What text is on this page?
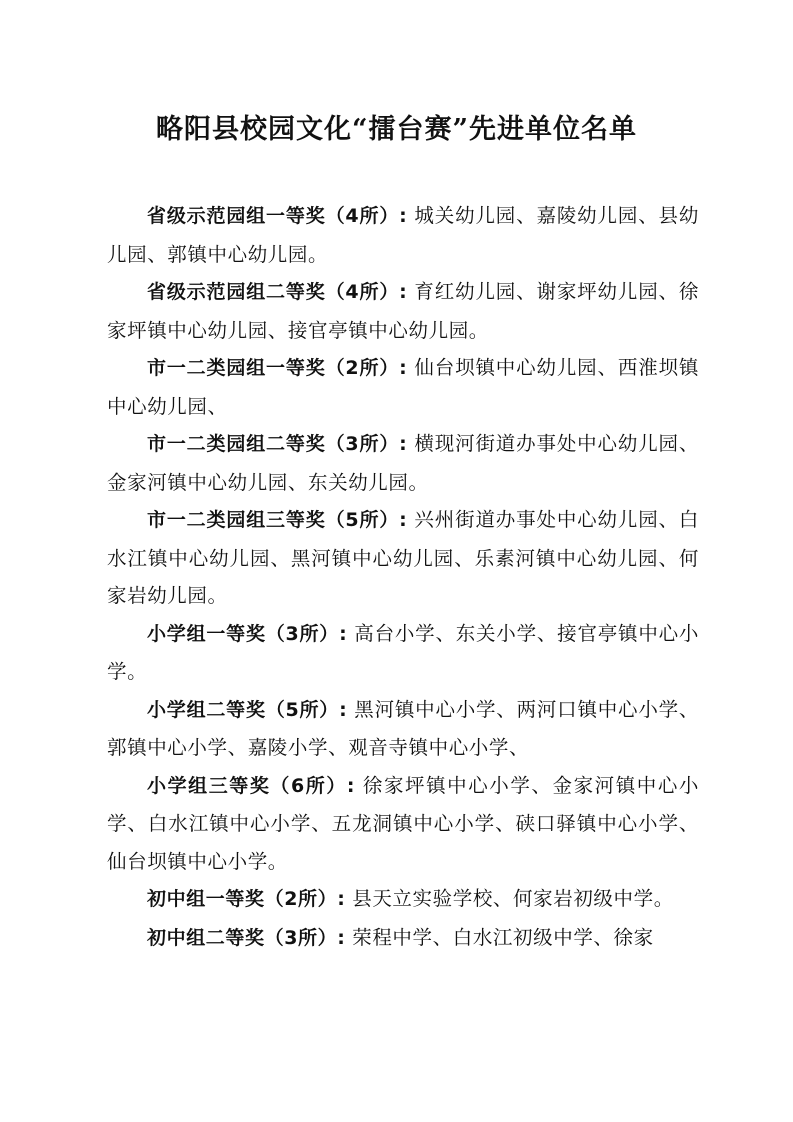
略阳县校园文化“擂台赛”先进单位名单

省级示范园组一等奖（4所）: 城关幼儿园、嘉陵幼儿园、县幼儿园、郭镇中心幼儿园。

省级示范园组二等奖（4所）: 育红幼儿园、谢家坪幼儿园、徐家坪镇中心幼儿园、接官亭镇中心幼儿园。

市一二类园组一等奖（2所）: 仙台坝镇中心幼儿园、西淮坝镇中心幼儿园、

市一二类园组二等奖（3所）: 横现河街道办事处中心幼儿园、金家河镇中心幼儿园、东关幼儿园。

市一二类园组三等奖（5所）: 兴州街道办事处中心幼儿园、白水江镇中心幼儿园、黑河镇中心幼儿园、乐素河镇中心幼儿园、何家岩幼儿园。

小学组一等奖（3所）: 高台小学、东关小学、接官亭镇中心小学。

小学组二等奖（5所）: 黑河镇中心小学、两河口镇中心小学、郭镇中心小学、嘉陵小学、观音寺镇中心小学、

小学组三等奖（6所）: 徐家坪镇中心小学、金家河镇中心小学、白水江镇中心小学、五龙洞镇中心小学、硖口驿镇中心小学、仙台坝镇中心小学。

初中组一等奖（2所）: 县天立实验学校、何家岩初级中学。

初中组二等奖（3所）: 荣程中学、白水江初级中学、徐家
